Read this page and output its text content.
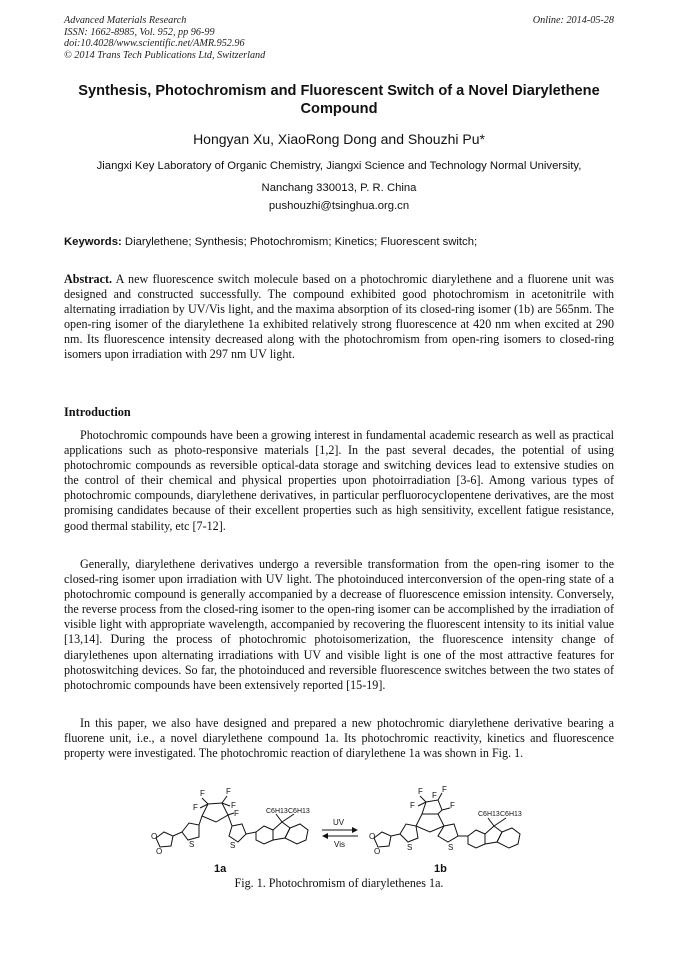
Advanced Materials Research
ISSN: 1662-8985, Vol. 952, pp 96-99
doi:10.4028/www.scientific.net/AMR.952.96
© 2014 Trans Tech Publications Ltd, Switzerland
Online: 2014-05-28
Synthesis, Photochromism and Fluorescent Switch of a Novel Diarylethene Compound
Hongyan Xu, XiaoRong Dong and Shouzhi Pu*
Jiangxi Key Laboratory of Organic Chemistry, Jiangxi Science and Technology Normal University,
Nanchang 330013, P. R. China
pushouzhi@tsinghua.org.cn
Keywords: Diarylethene; Synthesis; Photochromism; Kinetics; Fluorescent switch;
Abstract. A new fluorescence switch molecule based on a photochromic diarylethene and a fluorene unit was designed and constructed successfully. The compound exhibited good photochromism in acetonitrile with alternating irradiation by UV/Vis light, and the maxima absorption of its closed-ring isomer (1b) are 565nm. The open-ring isomer of the diarylethene 1a exhibited relatively strong fluorescence at 420 nm when excited at 290 nm. Its fluorescence intensity decreased along with the photochromism from open-ring isomers to closed-ring isomers upon irradiation with 297 nm UV light.
Introduction
Photochromic compounds have been a growing interest in fundamental academic research as well as practical applications such as photo-responsive materials [1,2]. In the past several decades, the potential of using photochromic compounds as reversible optical-data storage and switching devices lead to extensive studies on the control of their chemical and physical properties upon photoirradiation [3-6]. Among various types of photochromic compounds, diarylethene derivatives, in particular perfluorocyclopentene derivatives, are the most promising candidates because of their excellent properties such as high sensitivity, excellent fatigue resistance, good thermal stability, etc [7-12].
Generally, diarylethene derivatives undergo a reversible transformation from the open-ring isomer to the closed-ring isomer upon irradiation with UV light. The photoinduced interconversion of the open-ring state of a photochromic compound is generally accompanied by a decrease of fluorescence emission intensity. Conversely, the reverse process from the closed-ring isomer to the open-ring isomer can be accomplished by the irradiation of visible light with appropriate wavelength, accompanied by recovering the fluorescent intensity to its initial value [13,14]. During the process of photochromic photoisomerization, the fluorescence intensity change of diarylethenes upon alternating irradiations with UV and visible light is one of the most attractive features for photoswitching devices. So far, the photoinduced and reversible fluorescence switches between the two states of photochromic compounds have been extensively reported [15-19].
In this paper, we also have designed and prepared a new photochromic diarylethene derivative bearing a fluorene unit, i.e., a novel diarylethene compound 1a. Its photochromic reactivity, kinetics and fluorescence property were investigated. The photochromic reaction of diarylethene 1a was shown in Fig. 1.
F
F
F
F
F
O
O
S	S
C6H13 C6H13
1a
UV
Vis
F F
F	F
F
O
O	S	S
C6H13 C6H13
1b
Fig. 1. Photochromism of diarylethenes 1a.
